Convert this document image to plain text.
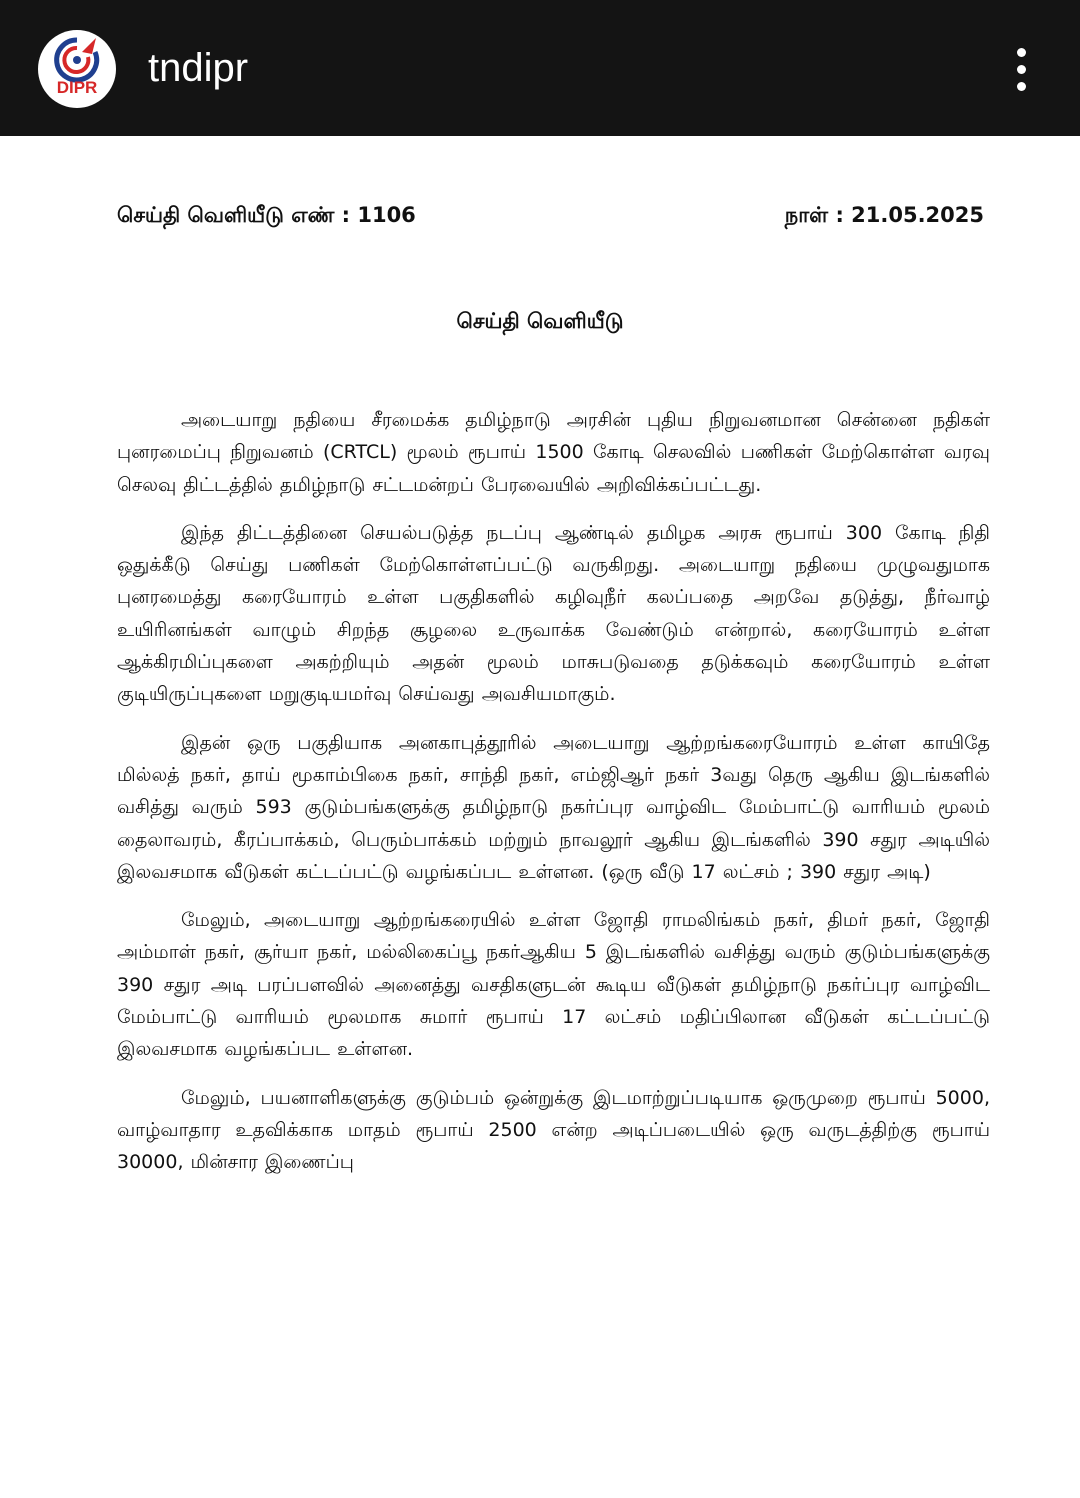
DIPR	tndipr
செய்தி வெளியீடு எண் : 1106	நாள் : 21.05.2025
செய்தி வெளியீடு

அடையாறு நதியை சீரமைக்க தமிழ்நாடு அரசின் புதிய நிறுவனமான சென்னை நதிகள் புனரமைப்பு நிறுவனம் (CRTCL) மூலம் ரூபாய் 1500 கோடி செலவில் பணிகள் மேற்கொள்ள வரவு செலவு திட்டத்தில் தமிழ்நாடு சட்டமன்றப் பேரவையில் அறிவிக்கப்பட்டது.

இந்த திட்டத்தினை செயல்படுத்த நடப்பு ஆண்டில் தமிழக அரசு ரூபாய் 300 கோடி நிதி ஒதுக்கீடு செய்து பணிகள் மேற்கொள்ளப்பட்டு வருகிறது. அடையாறு நதியை முழுவதுமாக புனரமைத்து கரையோரம் உள்ள பகுதிகளில் கழிவுநீர் கலப்பதை அறவே தடுத்து, நீர்வாழ் உயிரினங்கள் வாழும் சிறந்த சூழலை உருவாக்க வேண்டும் என்றால், கரையோரம் உள்ள ஆக்கிரமிப்புகளை அகற்றியும் அதன் மூலம் மாசுபடுவதை தடுக்கவும் கரையோரம் உள்ள குடியிருப்புகளை மறுகுடியமர்வு செய்வது அவசியமாகும்.

இதன் ஒரு பகுதியாக அனகாபுத்தூரில் அடையாறு ஆற்றங்கரையோரம் உள்ள காயிதே மில்லத் நகர், தாய் மூகாம்பிகை நகர், சாந்தி நகர், எம்ஜிஆர் நகர் 3வது தெரு ஆகிய இடங்களில் வசித்து வரும் 593 குடும்பங்களுக்கு தமிழ்நாடு நகர்ப்புர வாழ்விட மேம்பாட்டு வாரியம் மூலம் தைலாவரம், கீரப்பாக்கம், பெரும்பாக்கம் மற்றும் நாவலூர் ஆகிய இடங்களில் 390 சதுர அடியில் இலவசமாக வீடுகள் கட்டப்பட்டு வழங்கப்பட உள்ளன. (ஒரு வீடு 17 லட்சம் ; 390 சதுர அடி)

மேலும், அடையாறு ஆற்றங்கரையில் உள்ள ஜோதி ராமலிங்கம் நகர், திமர் நகர், ஜோதி அம்மாள் நகர், சூர்யா நகர், மல்லிகைப்பூ நகர்ஆகிய 5 இடங்களில் வசித்து வரும் குடும்பங்களுக்கு 390 சதுர அடி பரப்பளவில் அனைத்து வசதிகளுடன் கூடிய வீடுகள் தமிழ்நாடு நகர்ப்புர வாழ்விட மேம்பாட்டு வாரியம் மூலமாக சுமார் ரூபாய் 17 லட்சம் மதிப்பிலான வீடுகள் கட்டப்பட்டு இலவசமாக வழங்கப்பட உள்ளன.

மேலும், பயனாளிகளுக்கு குடும்பம் ஒன்றுக்கு இடமாற்றுப்படியாக ஒருமுறை ரூபாய் 5000, வாழ்வாதார உதவிக்காக மாதம் ரூபாய் 2500 என்ற அடிப்படையில் ஒரு வருடத்திற்கு ரூபாய் 30000, மின்சார இணைப்பு
